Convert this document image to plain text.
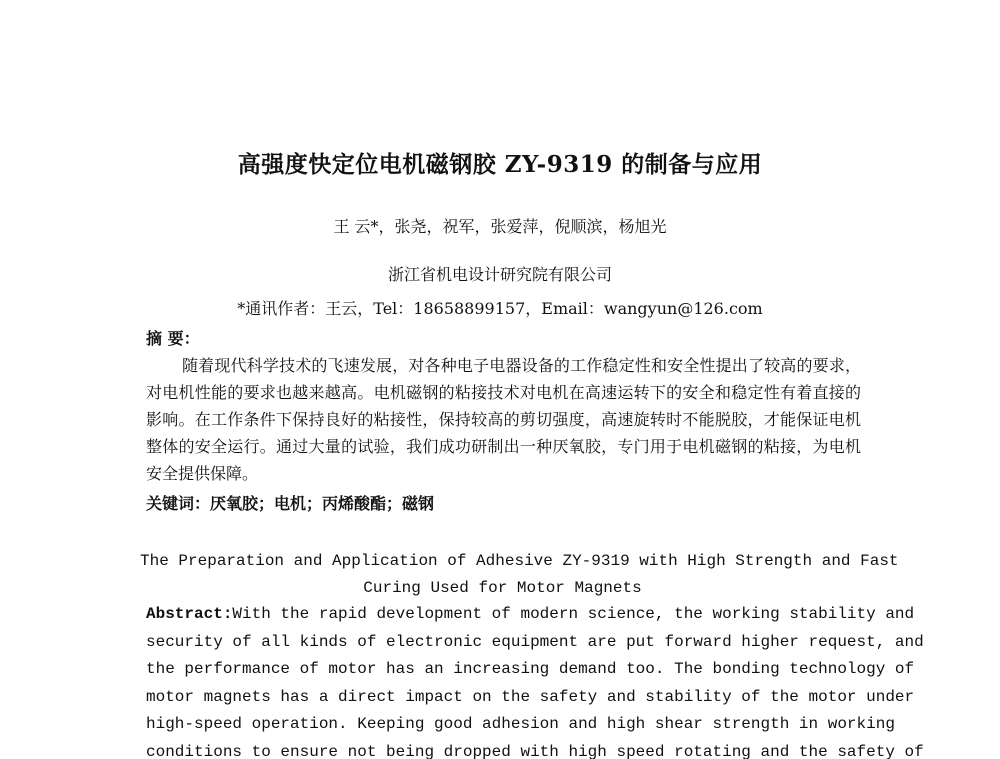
高强度快定位电机磁钢胶 ZY-9319 的制备与应用
王 云*，张尧，祝军，张爱萍，倪顺滨，杨旭光
浙江省机电设计研究院有限公司
*通讯作者：王云，Tel：18658899157，Email：wangyun@126.com
摘 要：

随着现代科学技术的飞速发展，对各种电子电器设备的工作稳定性和安全性提出了较高的要求， 对电机性能的要求也越来越高。电机磁钢的粘接技术对电机在高速运转下的安全和稳定性有着直接的影响。在工作条件下保持良好的粘接性，保持较高的剪切强度，高速旋转时不能脱胶，才能保证电机整体的安全运行。通过大量的试验，我们成功研制出一种厌氧胶，专门用于电机磁钢的粘接，为电机安全提供保障。

关键词：厌氧胶；电机；丙烯酸酯；磁钢
The Preparation and Application of Adhesive ZY-9319 with High Strength and Fast
Curing Used for Motor Magnets
Abstract:With the rapid development of modern science, the working stability and
security of all kinds of electronic equipment are put forward higher request, and
the performance of motor has an increasing demand too. The bonding technology of
motor magnets has a direct impact on the safety and stability of the motor under
high-speed operation. Keeping good adhesion and high shear strength in working
conditions to ensure not being dropped with high speed rotating and the safety of
